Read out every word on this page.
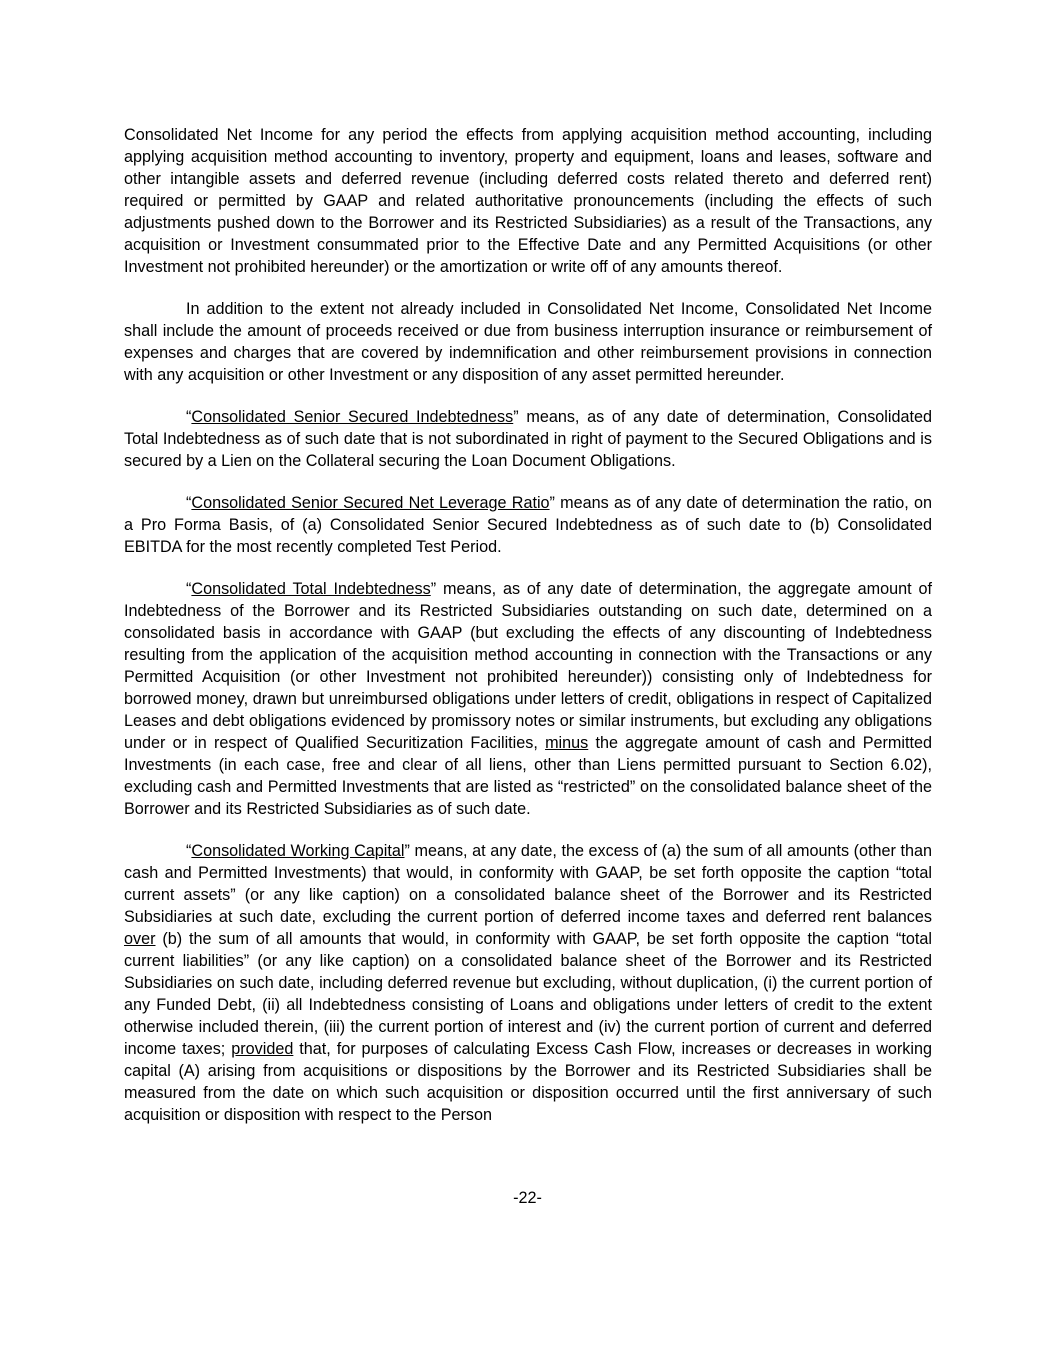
Consolidated Net Income for any period the effects from applying acquisition method accounting, including applying acquisition method accounting to inventory, property and equipment, loans and leases, software and other intangible assets and deferred revenue (including deferred costs related thereto and deferred rent) required or permitted by GAAP and related authoritative pronouncements (including the effects of such adjustments pushed down to the Borrower and its Restricted Subsidiaries) as a result of the Transactions, any acquisition or Investment consummated prior to the Effective Date and any Permitted Acquisitions (or other Investment not prohibited hereunder) or the amortization or write off of any amounts thereof.

In addition to the extent not already included in Consolidated Net Income, Consolidated Net Income shall include the amount of proceeds received or due from business interruption insurance or reimbursement of expenses and charges that are covered by indemnification and other reimbursement provisions in connection with any acquisition or other Investment or any disposition of any asset permitted hereunder.

“Consolidated Senior Secured Indebtedness” means, as of any date of determination, Consolidated Total Indebtedness as of such date that is not subordinated in right of payment to the Secured Obligations and is secured by a Lien on the Collateral securing the Loan Document Obligations.

“Consolidated Senior Secured Net Leverage Ratio” means as of any date of determination the ratio, on a Pro Forma Basis, of (a) Consolidated Senior Secured Indebtedness as of such date to (b) Consolidated EBITDA for the most recently completed Test Period.

“Consolidated Total Indebtedness” means, as of any date of determination, the aggregate amount of Indebtedness of the Borrower and its Restricted Subsidiaries outstanding on such date, determined on a consolidated basis in accordance with GAAP (but excluding the effects of any discounting of Indebtedness resulting from the application of the acquisition method accounting in connection with the Transactions or any Permitted Acquisition (or other Investment not prohibited hereunder)) consisting only of Indebtedness for borrowed money, drawn but unreimbursed obligations under letters of credit, obligations in respect of Capitalized Leases and debt obligations evidenced by promissory notes or similar instruments, but excluding any obligations under or in respect of Qualified Securitization Facilities, minus the aggregate amount of cash and Permitted Investments (in each case, free and clear of all liens, other than Liens permitted pursuant to Section 6.02), excluding cash and Permitted Investments that are listed as “restricted” on the consolidated balance sheet of the Borrower and its Restricted Subsidiaries as of such date.

“Consolidated Working Capital” means, at any date, the excess of (a) the sum of all amounts (other than cash and Permitted Investments) that would, in conformity with GAAP, be set forth opposite the caption “total current assets” (or any like caption) on a consolidated balance sheet of the Borrower and its Restricted Subsidiaries at such date, excluding the current portion of deferred income taxes and deferred rent balances over (b) the sum of all amounts that would, in conformity with GAAP, be set forth opposite the caption “total current liabilities” (or any like caption) on a consolidated balance sheet of the Borrower and its Restricted Subsidiaries on such date, including deferred revenue but excluding, without duplication, (i) the current portion of any Funded Debt, (ii) all Indebtedness consisting of Loans and obligations under letters of credit to the extent otherwise included therein, (iii) the current portion of interest and (iv) the current portion of current and deferred income taxes; provided that, for purposes of calculating Excess Cash Flow, increases or decreases in working capital (A) arising from acquisitions or dispositions by the Borrower and its Restricted Subsidiaries shall be measured from the date on which such acquisition or disposition occurred until the first anniversary of such acquisition or disposition with respect to the Person

-22-
